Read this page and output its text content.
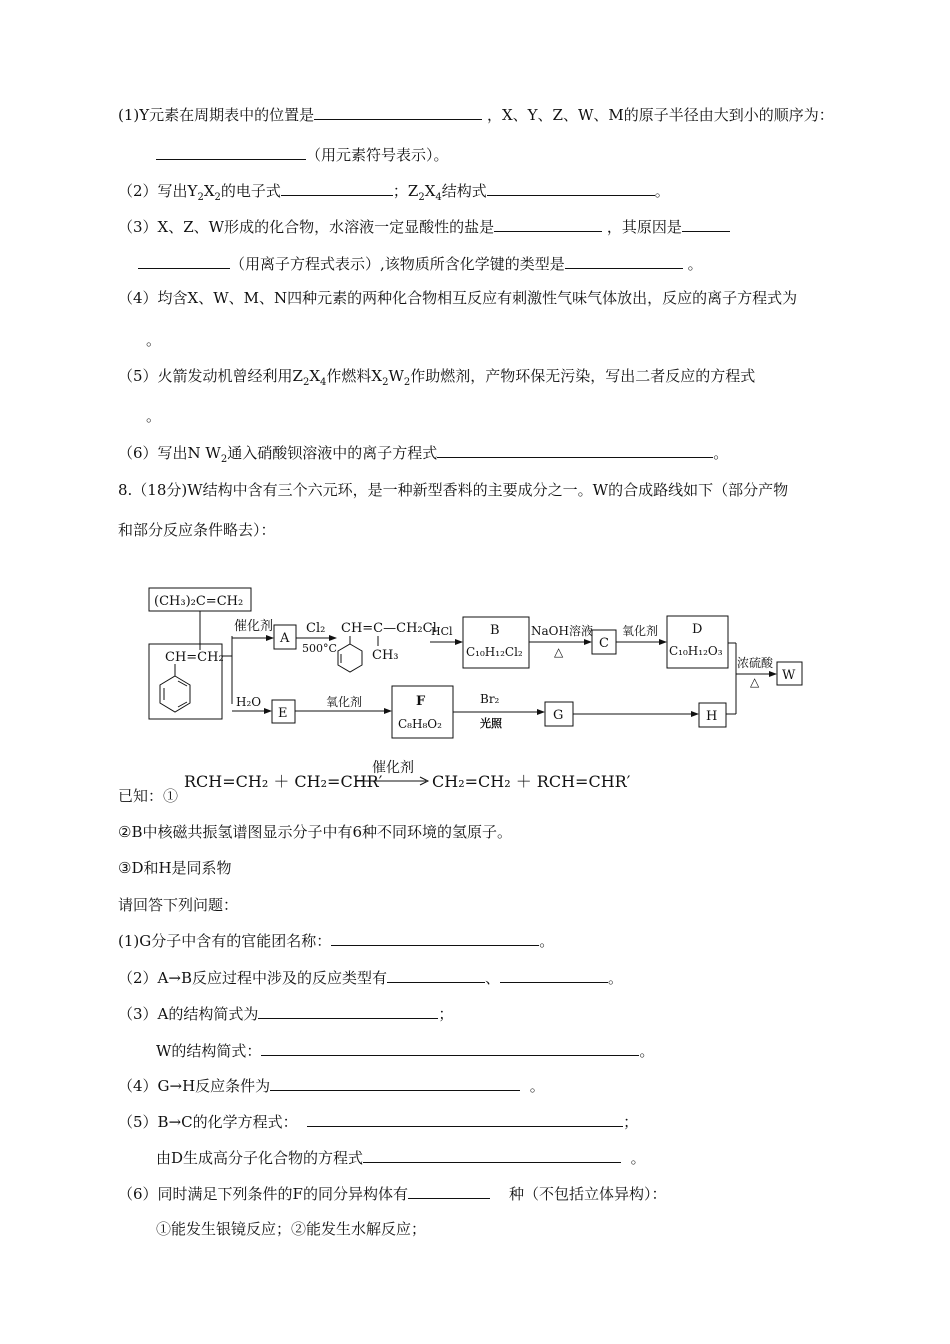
(1)Y元素在周期表中的位置是	，X、Y、Z、W、M的原子半径由大到小的顺序为：
（用元素符号表示）。
（2）写出$Y_2X_2$的电子式	；$Z_2X_4$结构式	。
（3）X、Z、W形成的化合物，水溶液一定显酸性的盐是	，其原因是
（用离子方程式表示）,该物质所含化学键的类型是	。
（4）均含X、W、M、N四种元素的两种化合物相互反应有刺激性气味气体放出，反应的离子方程式为
。
（5）火箭发动机曾经利用$Z_2X_4$作燃料$X_2W_2$作助燃剂，产物环保无污染，写出二者反应的方程式
。
（6）写出N $W_2$通入硝酸钡溶液中的离子方程式	。
8.（18分)W结构中含有三个六元环，是一种新型香料的主要成分之一。W的合成路线如下（部分产物
和部分反应条件略去）：
(CH₃)₂C=CH₂
CH=CH₂
催化剂
A
Cl₂
500°C
CH=C—CH₂Cl
CH₃
HCl	B
C₁₀H₁₂Cl₂
NaOH溶液
△
C
氧化剂	D
C₁₀H₁₂O₃
浓硫酸
△ W
H₂O
E
氧化剂	F
C₈H₈O₂
Br₂
光照
G	H
已知：①
RCH=CH₂ ＋ CH₂=CHR′
催化剂
CH₂=CH₂ ＋ RCH=CHR′
②B中核磁共振氢谱图显示分子中有6种不同环境的氢原子。
③D和H是同系物
请回答下列问题：
(1)G分子中含有的官能团名称：	。
（2）A→B反应过程中涉及的反应类型有	、	。
（3）A的结构简式为	；
W的结构简式：	。
（4）G→H反应条件为	。
（5）B→C的化学方程式：	；
由D生成高分子化合物的方程式	。
（6）同时满足下列条件的F的同分异构体有	种（不包括立体异构）：
①能发生银镜反应；②能发生水解反应；
